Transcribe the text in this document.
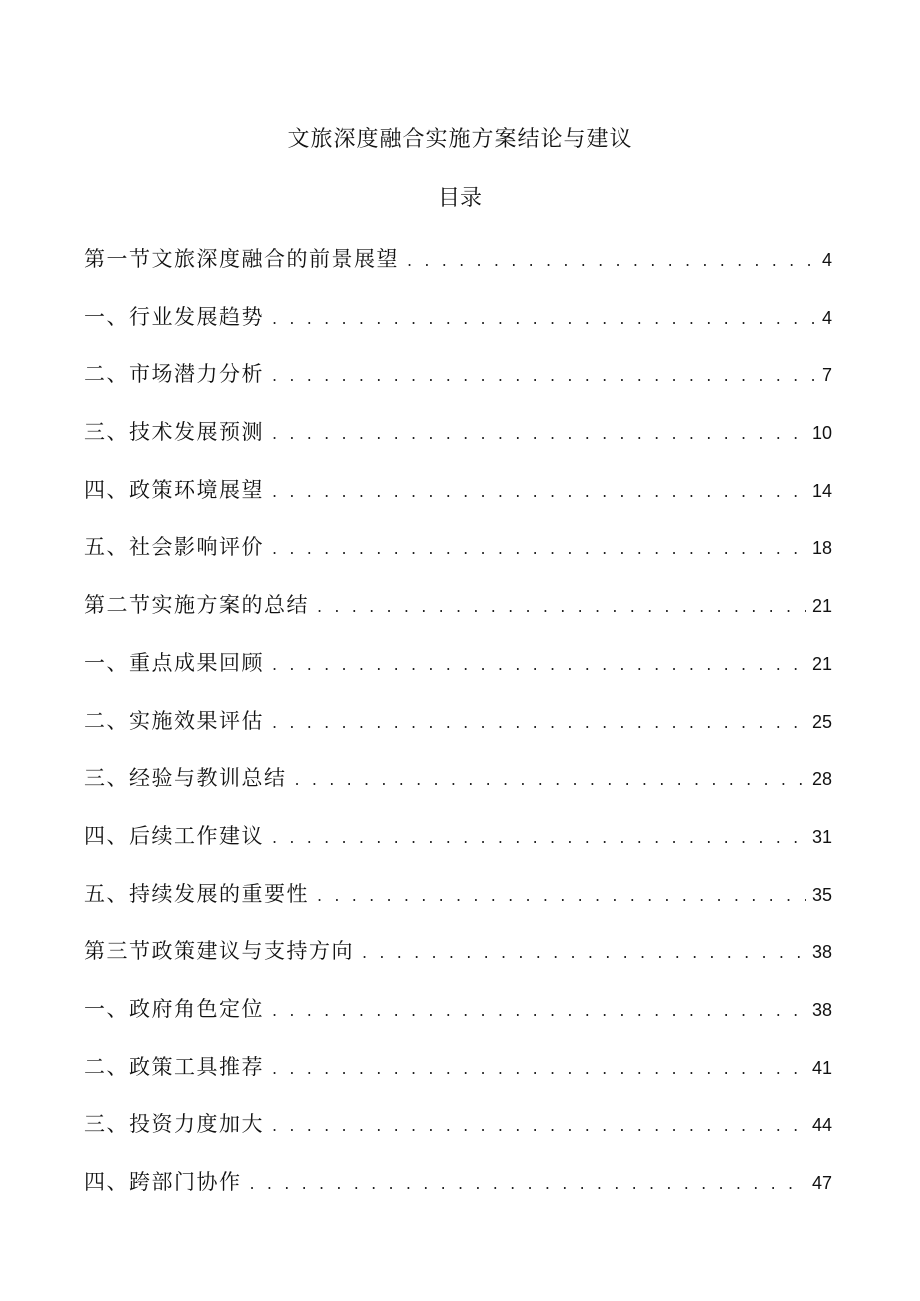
文旅深度融合实施方案结论与建议
目录
第一节文旅深度融合的前景展望 . . .	4
一、行业发展趋势 . . .	4
二、市场潜力分析 . . .	7
三、技术发展预测 . . .	10
四、政策环境展望 . . .	14
五、社会影响评价 . . .	18
第二节实施方案的总结 . . .	21
一、重点成果回顾 . . .	21
二、实施效果评估 . . .	25
三、经验与教训总结 . . .	28
四、后续工作建议 . . .	31
五、持续发展的重要性 . . .	35
第三节政策建议与支持方向 . . .	38
一、政府角色定位 . . .	38
二、政策工具推荐 . . .	41
三、投资力度加大 . . .	44
四、跨部门协作 . . .	47
